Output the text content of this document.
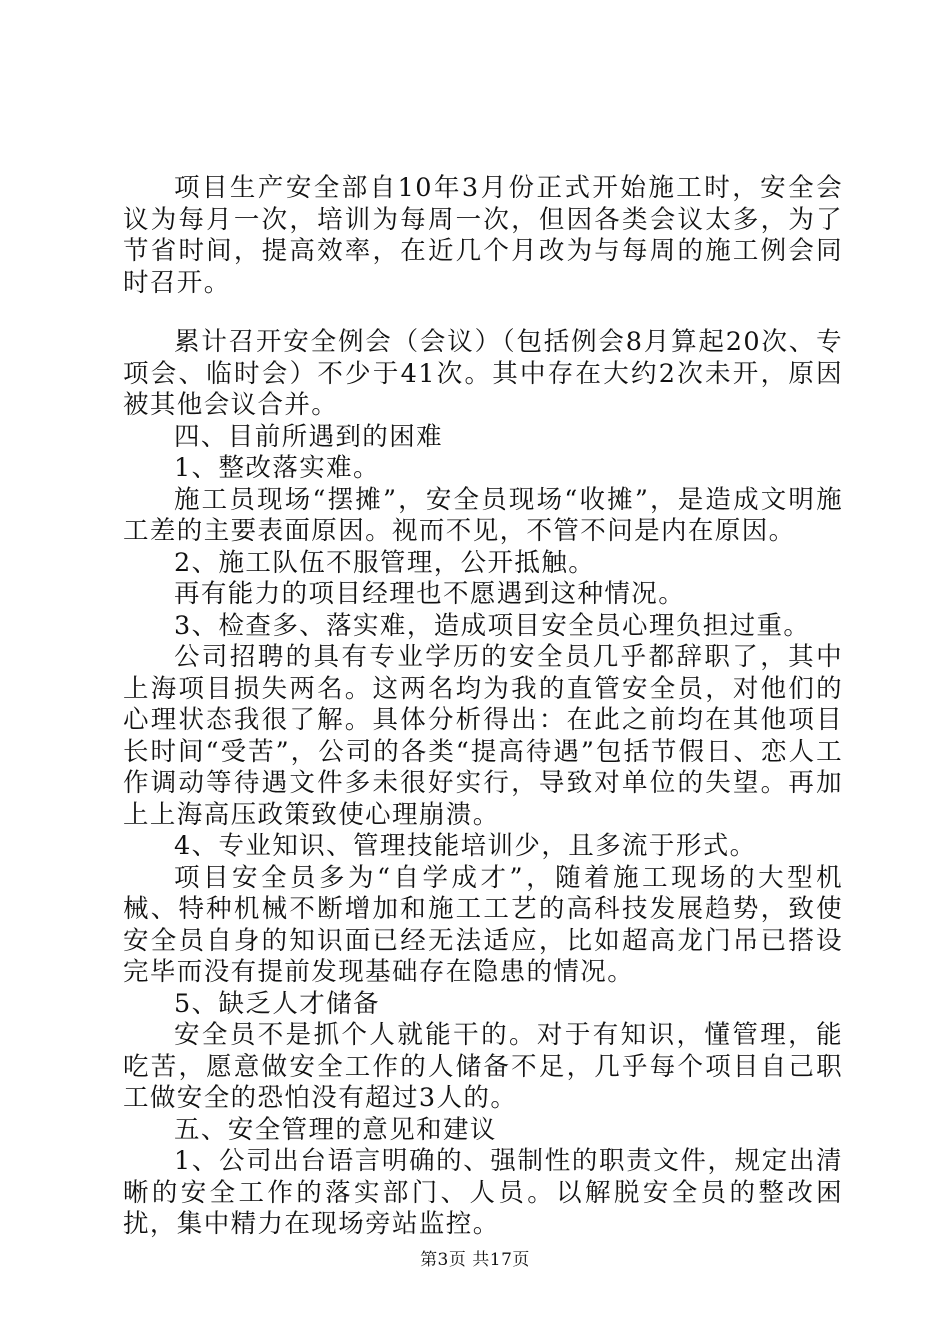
项目生产安全部自10年3月份正式开始施工时，安全会议为每月一次，培训为每周一次，但因各类会议太多，为了节省时间，提高效率，在近几个月改为与每周的施工例会同时召开。

累计召开安全例会（会议）（包括例会8月算起20次、专项会、临时会）不少于41次。其中存在大约2次未开，原因被其他会议合并。

四、目前所遇到的困难

1、整改落实难。

施工员现场“摆摊”，安全员现场“收摊”，是造成文明施工差的主要表面原因。视而不见，不管不问是内在原因。

2、施工队伍不服管理，公开抵触。

再有能力的项目经理也不愿遇到这种情况。

3、检查多、落实难，造成项目安全员心理负担过重。

公司招聘的具有专业学历的安全员几乎都辞职了，其中上海项目损失两名。这两名均为我的直管安全员，对他们的心理状态我很了解。具体分析得出：在此之前均在其他项目长时间“受苦”，公司的各类“提高待遇”包括节假日、恋人工作调动等待遇文件多未很好实行，导致对单位的失望。再加上上海高压政策致使心理崩溃。

4、专业知识、管理技能培训少，且多流于形式。

项目安全员多为“自学成才”，随着施工现场的大型机械、特种机械不断增加和施工工艺的高科技发展趋势，致使安全员自身的知识面已经无法适应，比如超高龙门吊已搭设完毕而没有提前发现基础存在隐患的情况。

5、缺乏人才储备

安全员不是抓个人就能干的。对于有知识，懂管理，能吃苦，愿意做安全工作的人储备不足，几乎每个项目自己职工做安全的恐怕没有超过3人的。

五、安全管理的意见和建议

1、公司出台语言明确的、强制性的职责文件，规定出清晰的安全工作的落实部门、人员。以解脱安全员的整改困扰，集中精力在现场旁站监控。

第3页 共17页
